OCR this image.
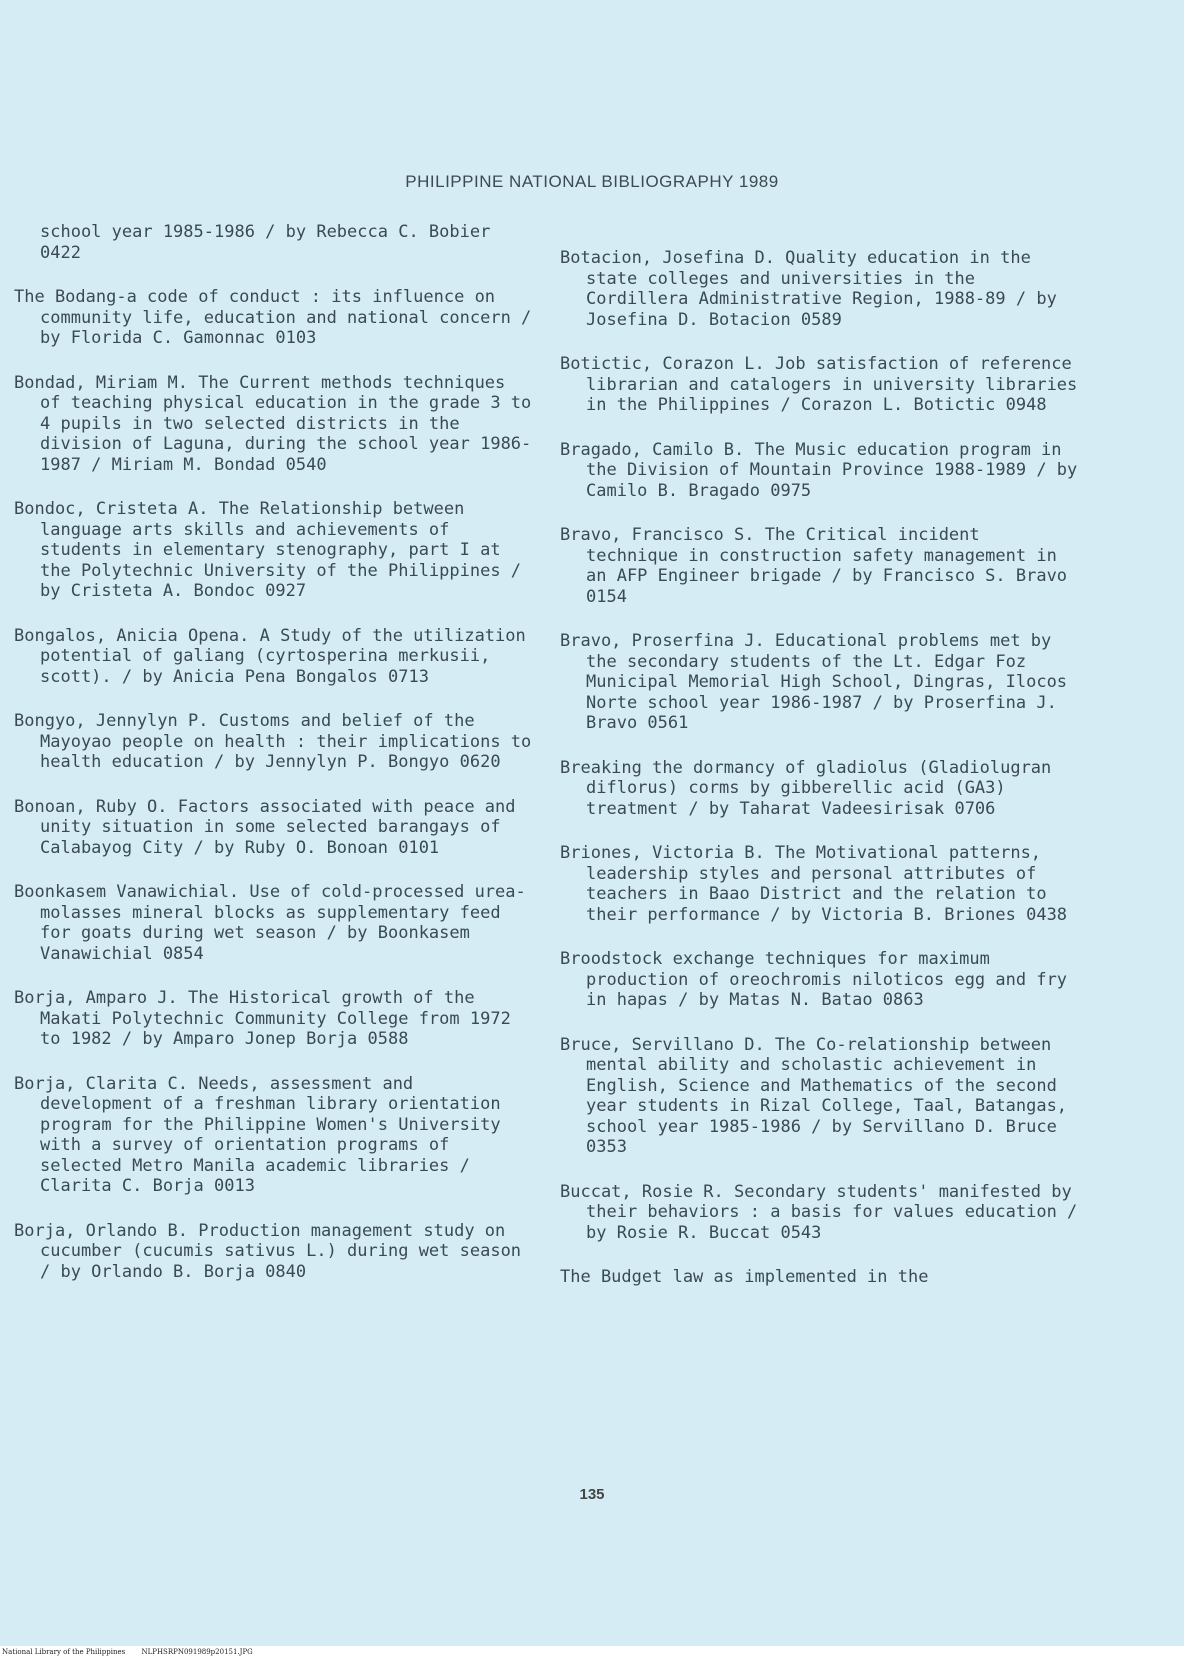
PHILIPPINE NATIONAL BIBLIOGRAPHY 1989

school year 1985-1986 / by Rebecca C. Bobier 0422

The Bodang-a code of conduct : its influence on community life, education and national concern / by Florida C. Gamonnac 0103

Bondad, Miriam M. The Current methods techniques of teaching physical education in the grade 3 to 4 pupils in two selected districts in the division of Laguna, during the school year 1986-1987 / Miriam M. Bondad 0540

Bondoc, Cristeta A. The Relationship between language arts skills and achievements of students in elementary stenography, part I at the Polytechnic University of the Philippines / by Cristeta A. Bondoc 0927

Bongalos, Anicia Opena. A Study of the utilization potential of galiang (cyrtosperina merkusii, scott). / by Anicia Pena Bongalos 0713

Bongyo, Jennylyn P. Customs and belief of the Mayoyao people on health : their implications to health education / by Jennylyn P. Bongyo 0620

Bonoan, Ruby O. Factors associated with peace and unity situation in some selected barangays of Calabayog City / by Ruby O. Bonoan 0101

Boonkasem Vanawichial. Use of cold-processed urea-molasses mineral blocks as supplementary feed for goats during wet season / by Boonkasem Vanawichial 0854

Borja, Amparo J. The Historical growth of the Makati Polytechnic Community College from 1972 to 1982 / by Amparo Jonep Borja 0588

Borja, Clarita C. Needs, assessment and development of a freshman library orientation program for the Philippine Women's University with a survey of orientation programs of selected Metro Manila academic libraries / Clarita C. Borja 0013

Borja, Orlando B. Production management study on cucumber (cucumis sativus L.) during wet season / by Orlando B. Borja 0840

Botacion, Josefina D. Quality education in the state colleges and universities in the Cordillera Administrative Region, 1988-89 / by Josefina D. Botacion 0589

Botictic, Corazon L. Job satisfaction of reference librarian and catalogers in university libraries in the Philippines / Corazon L. Botictic 0948

Bragado, Camilo B. The Music education program in the Division of Mountain Province 1988-1989 / by Camilo B. Bragado 0975

Bravo, Francisco S. The Critical incident technique in construction safety management in an AFP Engineer brigade / by Francisco S. Bravo 0154

Bravo, Proserfina J. Educational problems met by the secondary students of the Lt. Edgar Foz Municipal Memorial High School, Dingras, Ilocos Norte school year 1986-1987 / by Proserfina J. Bravo 0561

Breaking the dormancy of gladiolus (Gladiolugran diflorus) corms by gibberellic acid (GA3) treatment / by Taharat Vadeesirisak 0706

Briones, Victoria B. The Motivational patterns, leadership styles and personal attributes of teachers in Baao District and the relation to their performance / by Victoria B. Briones 0438

Broodstock exchange techniques for maximum production of oreochromis niloticos egg and fry in hapas / by Matas N. Batao 0863

Bruce, Servillano D. The Co-relationship between mental ability and scholastic achievement in English, Science and Mathematics of the second year students in Rizal College, Taal, Batangas, school year 1985-1986 / by Servillano D. Bruce 0353

Buccat, Rosie R. Secondary students' manifested by their behaviors : a basis for values education / by Rosie R. Buccat 0543

The Budget law as implemented in the

135
National Library of the Philippines NLPHSRPN091989p20151.JPG
